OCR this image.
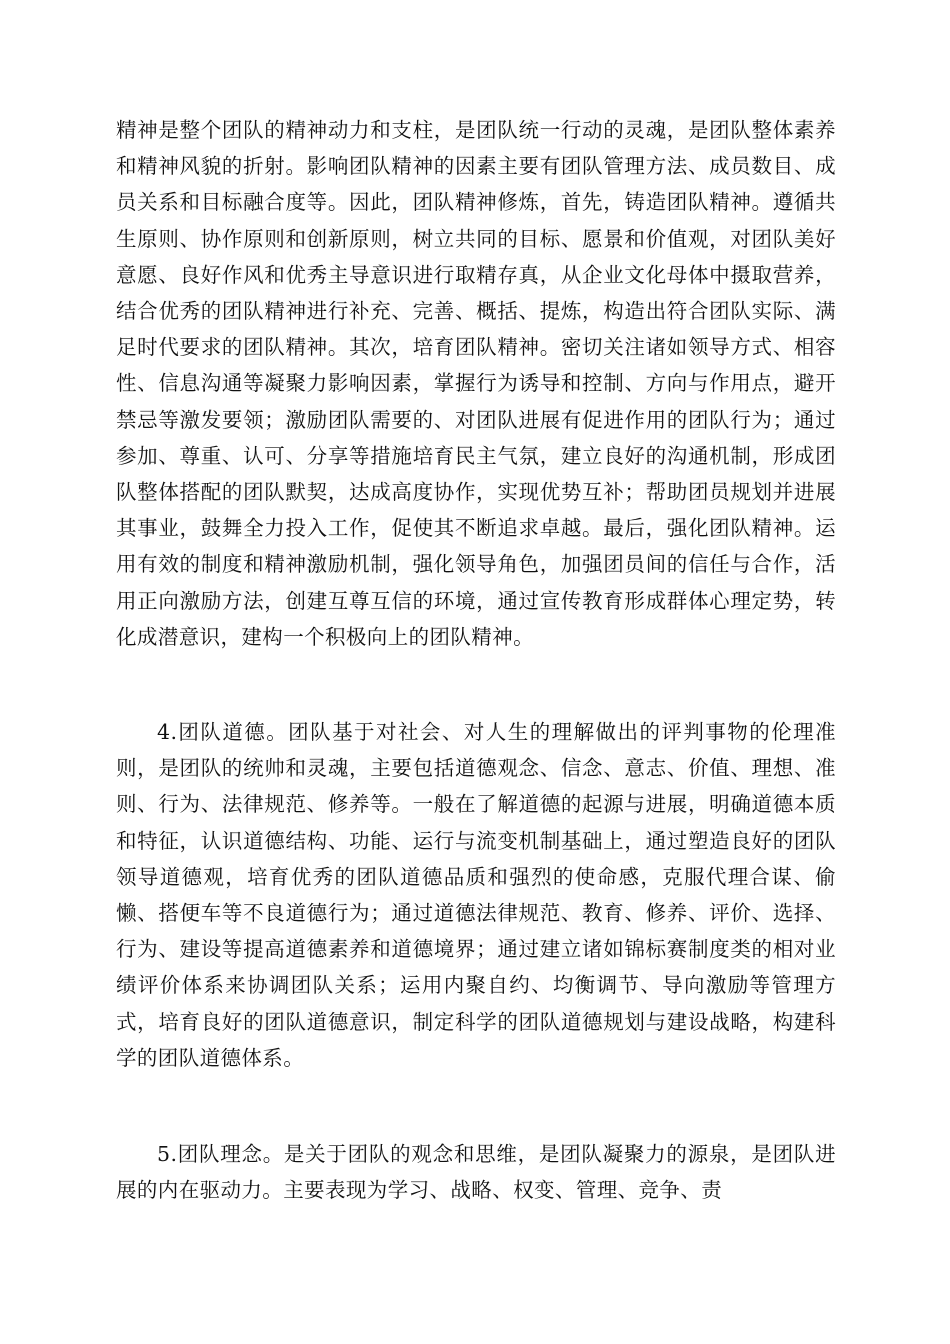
精神是整个团队的精神动力和支柱，是团队统一行动的灵魂，是团队整体素养和精神风貌的折射。影响团队精神的因素主要有团队管理方法、成员数目、成员关系和目标融合度等。因此，团队精神修炼，首先，铸造团队精神。遵循共生原则、协作原则和创新原则，树立共同的目标、愿景和价值观，对团队美好意愿、良好作风和优秀主导意识进行取精存真，从企业文化母体中摄取营养，结合优秀的团队精神进行补充、完善、概括、提炼，构造出符合团队实际、满足时代要求的团队精神。其次，培育团队精神。密切关注诸如领导方式、相容性、信息沟通等凝聚力影响因素，掌握行为诱导和控制、方向与作用点，避开禁忌等激发要领；激励团队需要的、对团队进展有促进作用的团队行为；通过参加、尊重、认可、分享等措施培育民主气氛，建立良好的沟通机制，形成团队整体搭配的团队默契，达成高度协作，实现优势互补；帮助团员规划并进展其事业，鼓舞全力投入工作，促使其不断追求卓越。最后，强化团队精神。运用有效的制度和精神激励机制，强化领导角色，加强团员间的信任与合作，活用正向激励方法，创建互尊互信的环境，通过宣传教育形成群体心理定势，转化成潜意识，建构一个积极向上的团队精神。

4.团队道德。团队基于对社会、对人生的理解做出的评判事物的伦理准则，是团队的统帅和灵魂，主要包括道德观念、信念、意志、价值、理想、准则、行为、法律规范、修养等。一般在了解道德的起源与进展，明确道德本质和特征，认识道德结构、功能、运行与流变机制基础上，通过塑造良好的团队领导道德观，培育优秀的团队道德品质和强烈的使命感，克服代理合谋、偷懒、搭便车等不良道德行为；通过道德法律规范、教育、修养、评价、选择、行为、建设等提高道德素养和道德境界；通过建立诸如锦标赛制度类的相对业绩评价体系来协调团队关系；运用内聚自约、均衡调节、导向激励等管理方式，培育良好的团队道德意识，制定科学的团队道德规划与建设战略，构建科学的团队道德体系。

5.团队理念。是关于团队的观念和思维，是团队凝聚力的源泉，是团队进展的内在驱动力。主要表现为学习、战略、权变、管理、竞争、责
